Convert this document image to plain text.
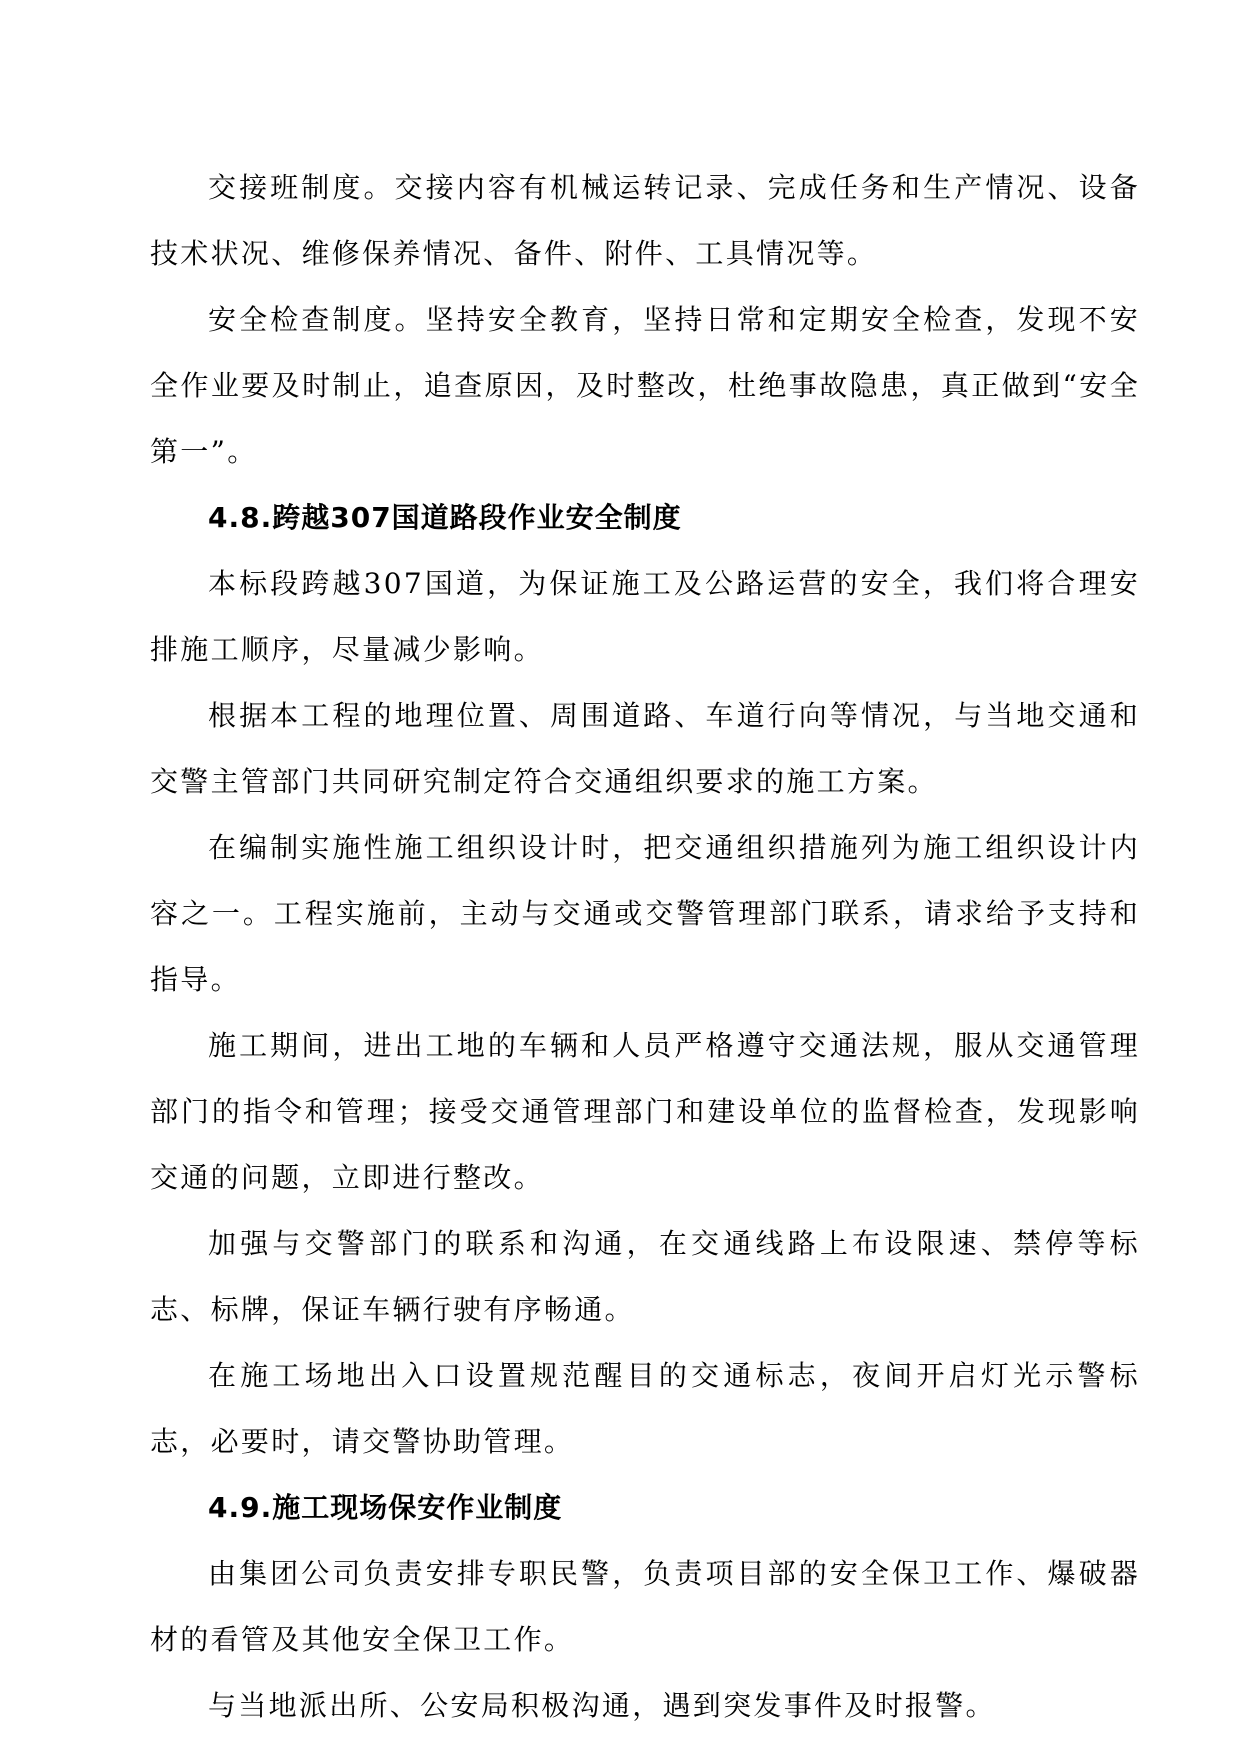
交接班制度。交接内容有机械运转记录、完成任务和生产情况、设备技术状况、维修保养情况、备件、附件、工具情况等。

安全检查制度。坚持安全教育，坚持日常和定期安全检查，发现不安全作业要及时制止，追查原因，及时整改，杜绝事故隐患，真正做到“安全第一”。

4.8.跨越307国道路段作业安全制度

本标段跨越307国道，为保证施工及公路运营的安全，我们将合理安排施工顺序，尽量减少影响。

根据本工程的地理位置、周围道路、车道行向等情况，与当地交通和交警主管部门共同研究制定符合交通组织要求的施工方案。

在编制实施性施工组织设计时，把交通组织措施列为施工组织设计内容之一。工程实施前，主动与交通或交警管理部门联系，请求给予支持和指导。

施工期间，进出工地的车辆和人员严格遵守交通法规，服从交通管理部门的指令和管理；接受交通管理部门和建设单位的监督检查，发现影响交通的问题，立即进行整改。

加强与交警部门的联系和沟通，在交通线路上布设限速、禁停等标志、标牌，保证车辆行驶有序畅通。

在施工场地出入口设置规范醒目的交通标志，夜间开启灯光示警标志，必要时，请交警协助管理。

4.9.施工现场保安作业制度

由集团公司负责安排专职民警，负责项目部的安全保卫工作、爆破器材的看管及其他安全保卫工作。

与当地派出所、公安局积极沟通，遇到突发事件及时报警。
